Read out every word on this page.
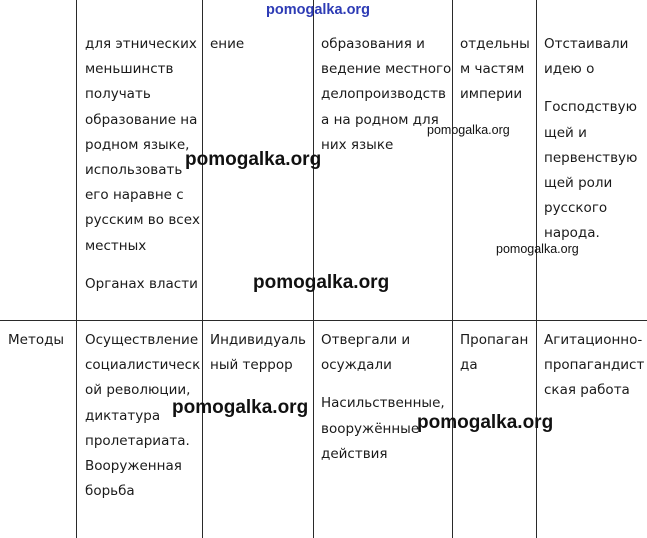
для этнических
меньшинств
получать
образование на
родном языке,
использовать
его наравне с
русским во всех
местных
Органах власти
ение	образования и
ведение местного
делопроизводств
а на родном для
них языке
отдельны
м частям
империи
Отстаивали
идею о
Господствую
щей и
первенствую
щей роли
русского
народа.
Методы Осуществление
социалистическ
ой революции,
диктатура
пролетариата.
Вооруженная
борьба
Индивидуаль
ный террор
Отвергали и
осуждали
Насильственные,
вооружённые
действия
Пропаган
да
Агитационно-
пропагандист
ская работа
pomogalka.org
pomogalka.org
pomogalka.org
pomogalka.org
pomogalka.org
pomogalka.org
pomogalka.org
